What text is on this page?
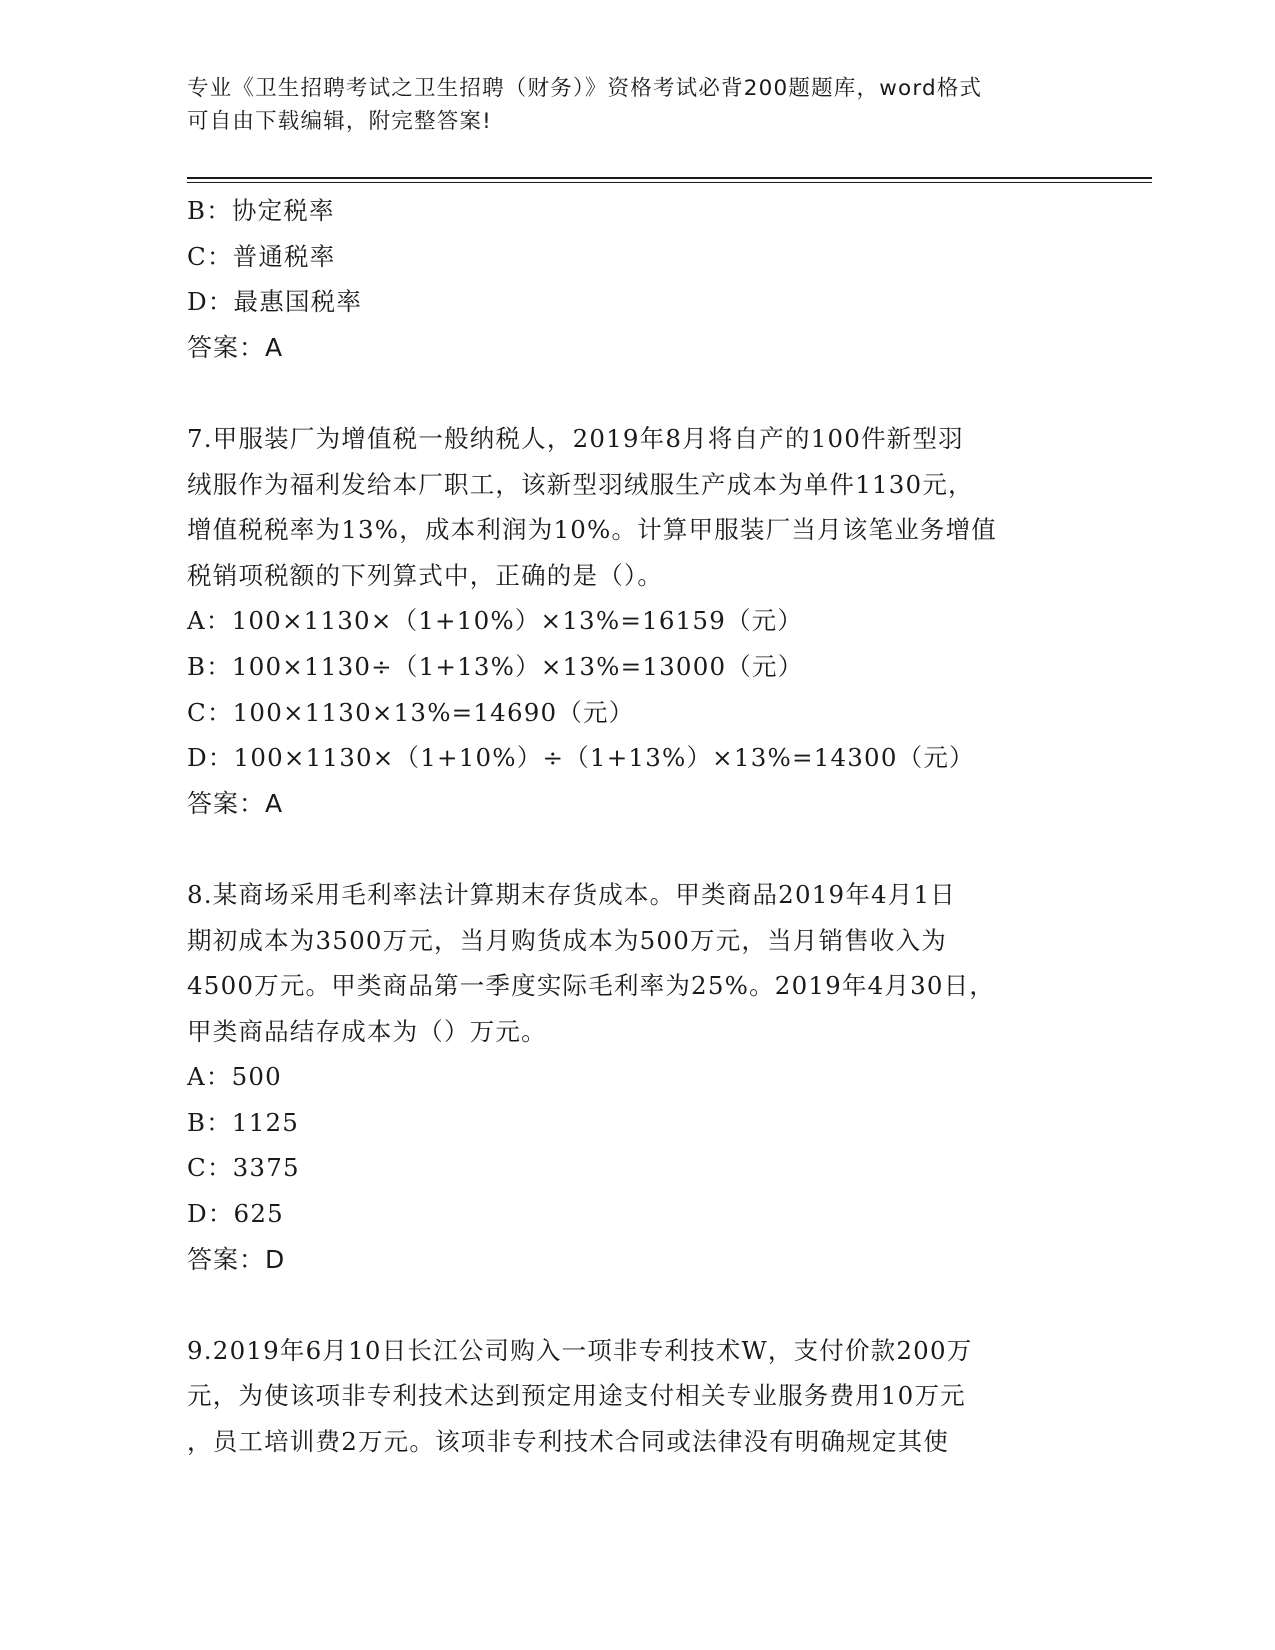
专业《卫生招聘考试之卫生招聘（财务）》资格考试必背200题题库，word格式
可自由下载编辑，附完整答案!
B：协定税率
C：普通税率
D：最惠国税率
答案：A
7.甲服装厂为增值税一般纳税人，2019年8月将自产的100件新型羽
绒服作为福利发给本厂职工，该新型羽绒服生产成本为单件1130元，
增值税税率为13%，成本利润为10%。计算甲服装厂当月该笔业务增值
税销项税额的下列算式中，正确的是（）。
A：100×1130×（1+10%）×13%=16159（元）
B：100×1130÷（1+13%）×13%=13000（元）
C：100×1130×13%=14690（元）
D：100×1130×（1+10%）÷（1+13%）×13%=14300（元）
答案：A
8.某商场采用毛利率法计算期末存货成本。甲类商品2019年4月1日
期初成本为3500万元，当月购货成本为500万元，当月销售收入为
4500万元。甲类商品第一季度实际毛利率为25%。2019年4月30日，
甲类商品结存成本为（）万元。
A：500
B：1125
C：3375
D：625
答案：D
9.2019年6月10日长江公司购入一项非专利技术W，支付价款200万
元，为使该项非专利技术达到预定用途支付相关专业服务费用10万元
，员工培训费2万元。该项非专利技术合同或法律没有明确规定其使
